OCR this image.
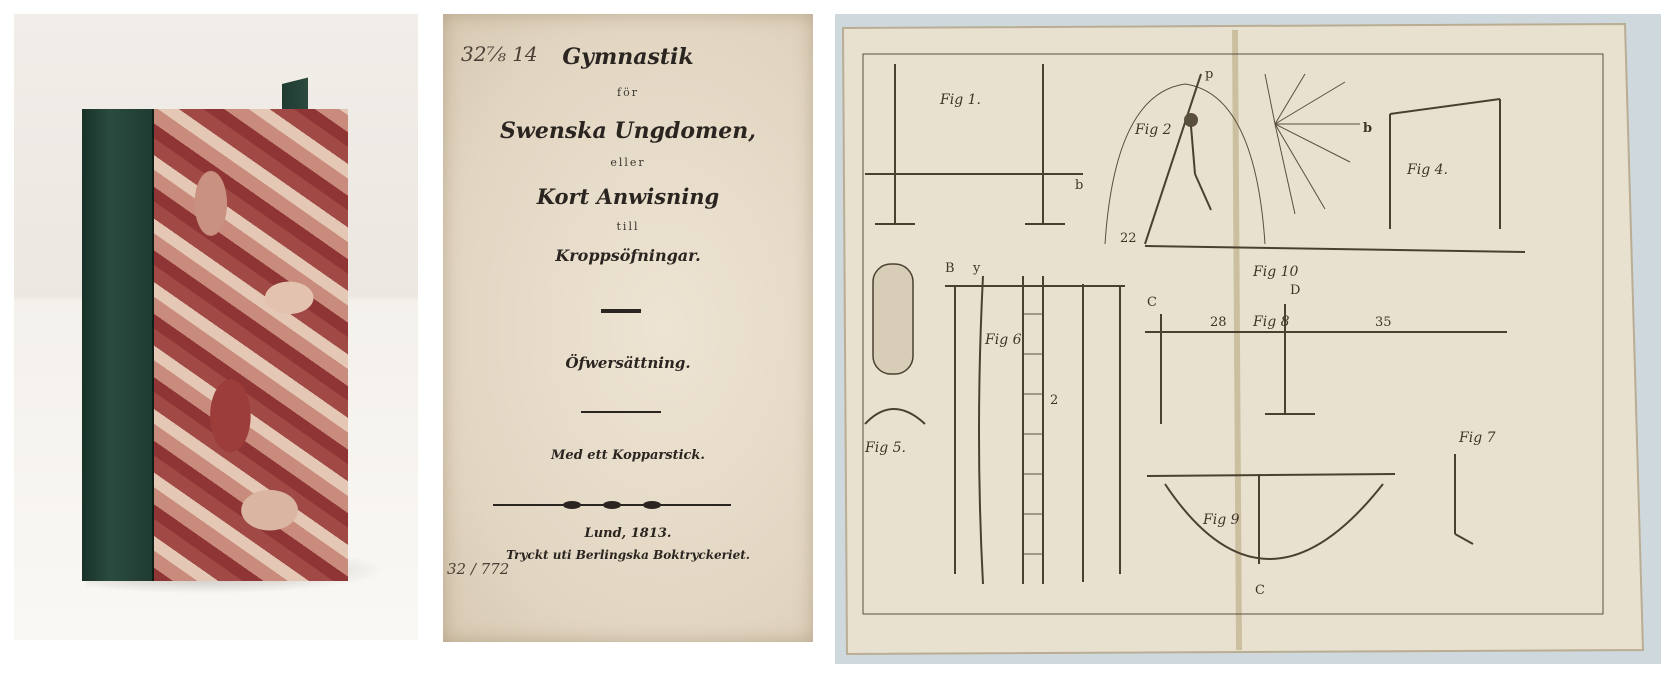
32⅞ 14	Gymnastik
för
Swenska Ungdomen,
eller
Kort Anwisning
till
Kroppsöfningar.
Öfwersättning.
Med ett Kopparstick.
Lund, 1813.
Tryckt uti Berlingska Boktryckeriet.
32 / 772
Fig 1.
b
Fig 2
p
22
b
Fig 4.
Fig 10
Fig 5.
Fig 6
2
B y
28	35
Fig 8
D
C
Fig 9
C
Fig 7
